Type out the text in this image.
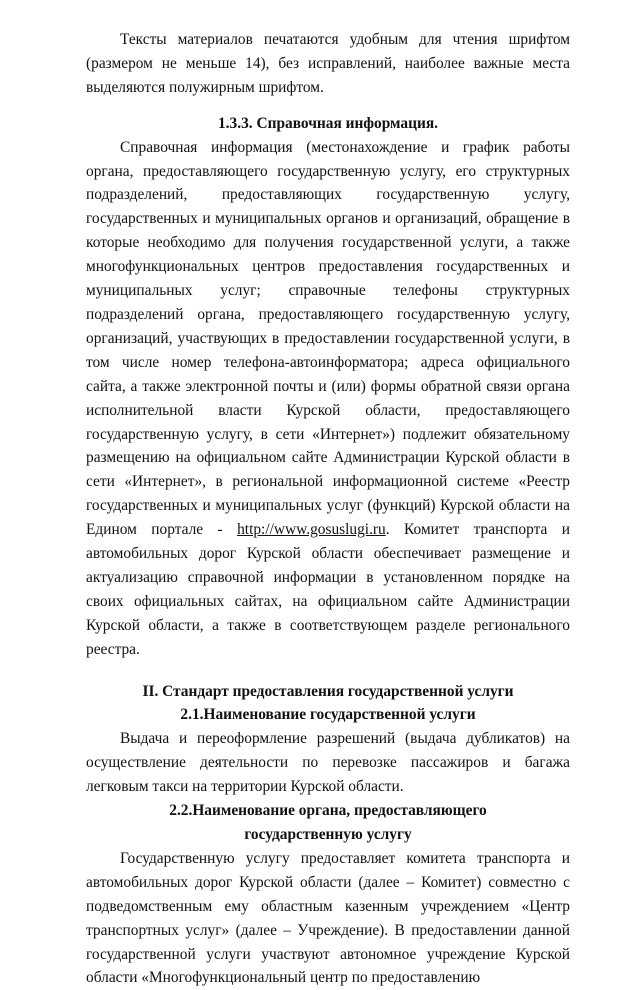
Тексты материалов печатаются удобным для чтения шрифтом (размером не меньше 14), без исправлений, наиболее важные места выделяются полужирным шрифтом.

1.3.3. Справочная информация.

Справочная информация (местонахождение и график работы органа, предоставляющего государственную услугу, его структурных подразделений, предоставляющих государственную услугу, государственных и муниципальных органов и организаций, обращение в которые необходимо для получения государственной услуги, а также многофункциональных центров предоставления государственных и муниципальных услуг; справочные телефоны структурных подразделений органа, предоставляющего государственную услугу, организаций, участвующих в предоставлении государственной услуги, в том числе номер телефона-автоинформатора; адреса официального сайта, а также электронной почты и (или) формы обратной связи органа исполнительной власти Курской области, предоставляющего государственную услугу, в сети «Интернет») подлежит обязательному размещению на официальном сайте Администрации Курской области в сети «Интернет», в региональной информационной системе «Реестр государственных и муниципальных услуг (функций) Курской области на Едином портале - http://www.gosuslugi.ru. Комитет транспорта и автомобильных дорог Курской области обеспечивает размещение и актуализацию справочной информации в установленном порядке на своих официальных сайтах, на официальном сайте Администрации Курской области, а также в соответствующем разделе регионального реестра.

II. Стандарт предоставления государственной услуги

2.1.Наименование государственной услуги

Выдача и переоформление разрешений (выдача дубликатов) на осуществление деятельности по перевозке пассажиров и багажа легковым такси на территории Курской области.

2.2.Наименование органа, предоставляющего

государственную услугу

Государственную услугу предоставляет комитета транспорта и автомобильных дорог Курской области (далее – Комитет) совместно с подведомственным ему областным казенным учреждением «Центр транспортных услуг» (далее – Учреждение). В предоставлении данной государственной услуги участвуют автономное учреждение Курской области «Многофункциональный центр по предоставлению
